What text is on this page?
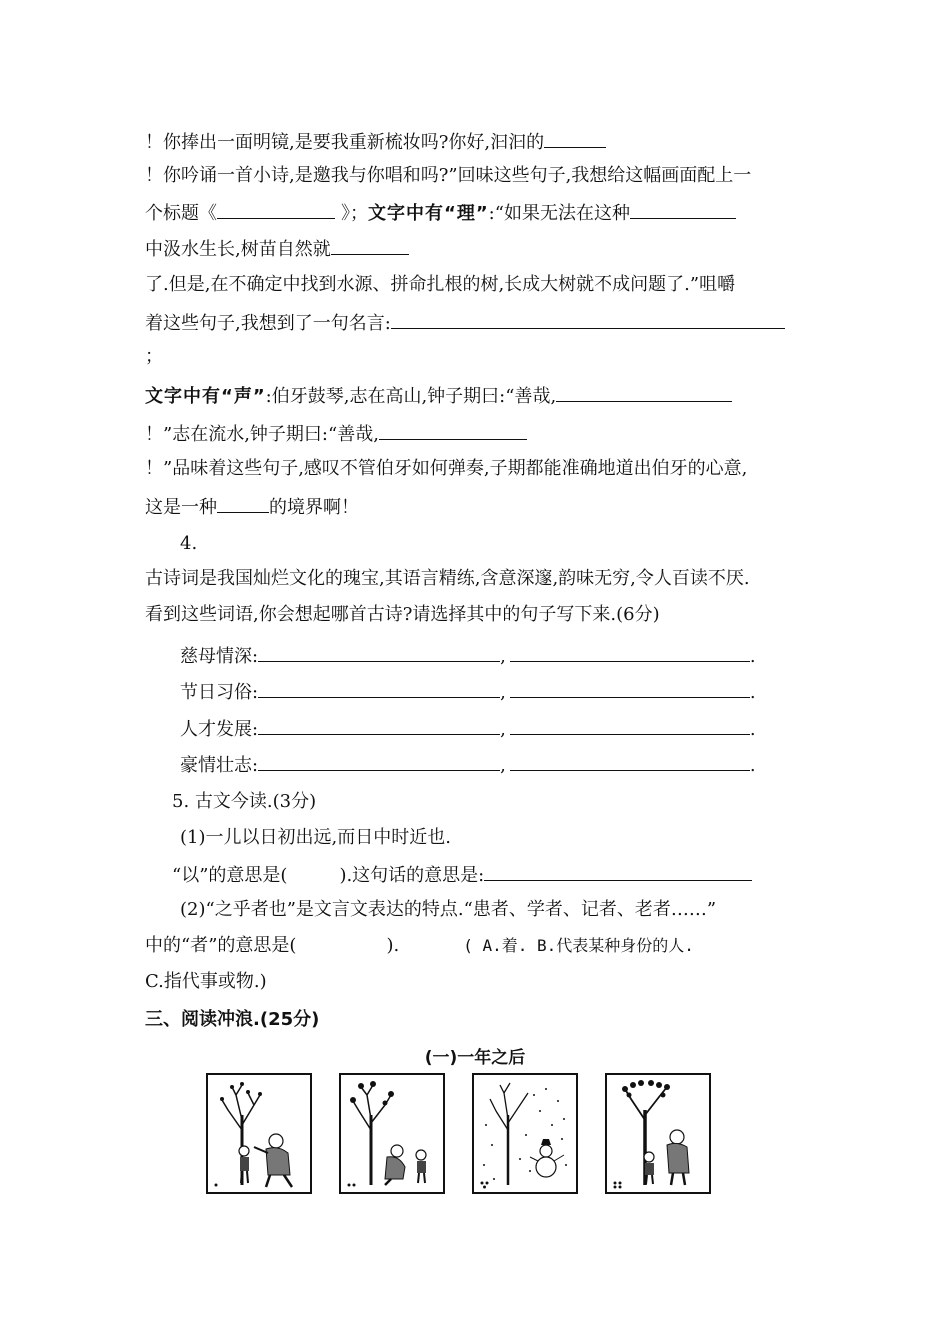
！你捧出一面明镜,是要我重新梳妆吗?你好,汩汩的
！你吟诵一首小诗,是邀我与你唱和吗?”回味这些句子,我想给这幅画面配上一
个标题《	》；文字中有“理”:“如果无法在这种
中汲水生长,树苗自然就
了.但是,在不确定中找到水源、拼命扎根的树,长成大树就不成问题了.”咀嚼
着这些句子,我想到了一句名言:
；
文字中有“声”:伯牙鼓琴,志在高山,钟子期曰:“善哉,
！”志在流水,钟子期曰:“善哉,
！”品味着这些句子,感叹不管伯牙如何弹奏,子期都能准确地道出伯牙的心意,
这是一种	的境界啊！
4.
古诗词是我国灿烂文化的瑰宝,其语言精练,含意深邃,韵味无穷,令人百读不厌.
看到这些词语,你会想起哪首古诗?请选择其中的句子写下来.(6分)
慈母情深:	,	.
节日习俗:	,	.
人才发展:	,	.
豪情壮志:	,	.
5. 古文今读.(3分)
(1)一儿以日初出远,而日中时近也.
“以”的意思是(	).这句话的意思是:
(2)“之乎者也”是文言文表达的特点.“患者、学者、记者、老者……”
中的“者”的意思是(	).	( A.着. B.代表某种身份的人.
C.指代事或物.)
三、阅读冲浪.(25分)
(一)一年之后
